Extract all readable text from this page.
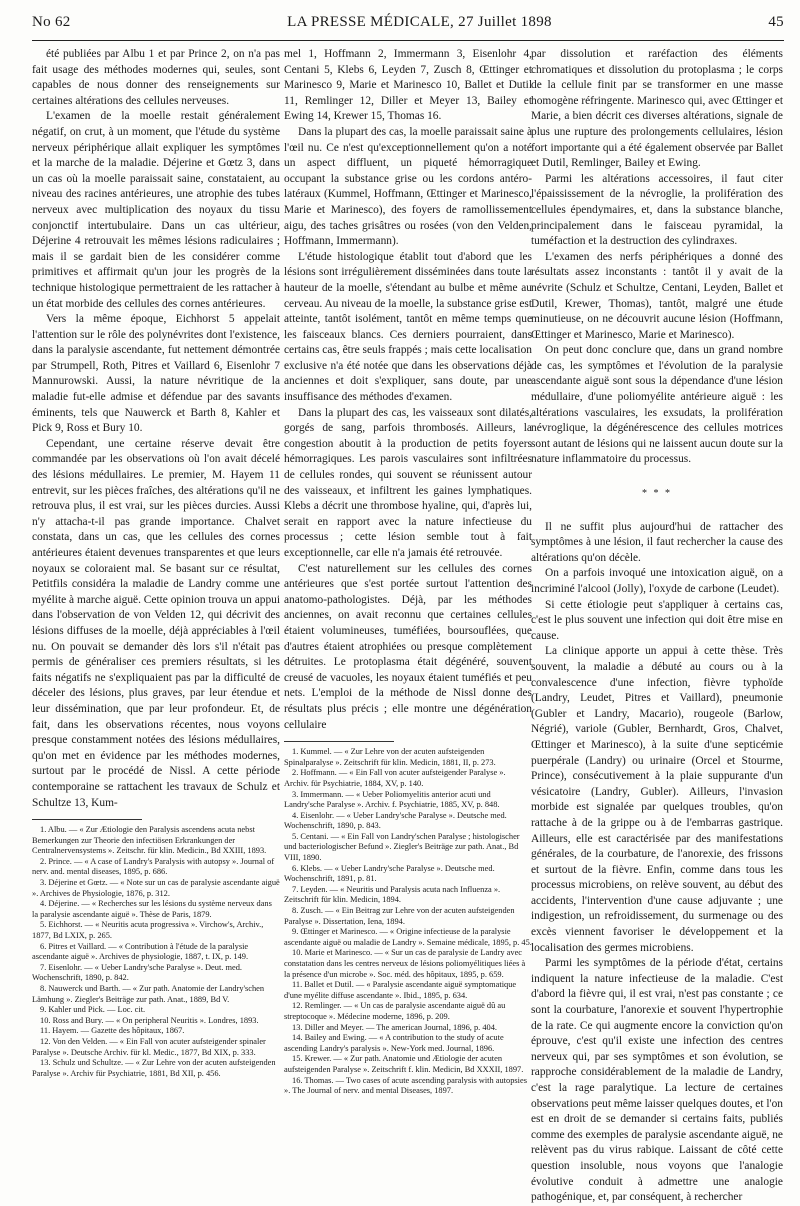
No 62	LA PRESSE MÉDICALE, 27 Juillet 1898	45

été publiées par Albu 1 et par Prince 2, on n'a pas fait usage des méthodes modernes qui, seules, sont capables de nous donner des renseignements sur certaines altérations des cellules nerveuses.

L'examen de la moelle restait généralement négatif, on crut, à un moment, que l'étude du système nerveux périphérique allait expliquer les symptômes et la marche de la maladie. Déjerine et Gœtz 3, dans un cas où la moelle paraissait saine, constataient, au niveau des racines antérieures, une atrophie des tubes nerveux avec multiplication des noyaux du tissu conjonctif intertubulaire. Dans un cas ultérieur, Déjerine 4 retrouvait les mêmes lésions radiculaires ; mais il se gardait bien de les considérer comme primitives et affirmait qu'un jour les progrès de la technique histologique permettraient de les rattacher à un état morbide des cellules des cornes antérieures.

Vers la même époque, Eichhorst 5 appelait l'attention sur le rôle des polynévrites dont l'existence, dans la paralysie ascendante, fut nettement démontrée par Strumpell, Roth, Pitres et Vaillard 6, Eisenlohr 7 Mannurowski. Aussi, la nature névritique de la maladie fut-elle admise et défendue par des savants éminents, tels que Nauwerck et Barth 8, Kahler et Pick 9, Ross et Bury 10.

Cependant, une certaine réserve devait être commandée par les observations où l'on avait décelé des lésions médullaires. Le premier, M. Hayem 11 entrevit, sur les pièces fraîches, des altérations qu'il ne retrouva plus, il est vrai, sur les pièces durcies. Aussi n'y attacha-t-il pas grande importance. Chalvet constata, dans un cas, que les cellules des cornes antérieures étaient devenues transparentes et que leurs noyaux se coloraient mal. Se basant sur ce résultat, Petitfils considéra la maladie de Landry comme une myélite à marche aiguë. Cette opinion trouva un appui dans l'observation de von Velden 12, qui décrivit des lésions diffuses de la moelle, déjà appréciables à l'œil nu. On pouvait se demander dès lors s'il n'était pas permis de généraliser ces premiers résultats, si les faits négatifs ne s'expliquaient pas par la difficulté de déceler des lésions, plus graves, par leur étendue et leur dissémination, que par leur profondeur. Et, de fait, dans les observations récentes, nous voyons presque constamment notées des lésions médullaires, qu'on met en évidence par les méthodes modernes, surtout par le procédé de Nissl. A cette période contemporaine se rattachent les travaux de Schulz et Schultze 13, Kum-

1. Albu. — « Zur Ætiologie den Paralysis ascendens acuta nebst Bemerkungen zur Theorie den infectiösen Erkrankungen der Centralnervensystems ». Zeitschr. für klin. Medicin., Bd XXIII, 1893.

2. Prince. — « A case of Landry's Paralysis with autopsy ». Journal of nerv. and. mental diseases, 1895, p. 686.

3. Déjerine et Gœtz. — « Note sur un cas de paralysie ascendante aiguë ». Archives de Physiologie, 1876, p. 312.

4. Déjerine. — « Recherches sur les lésions du système nerveux dans la paralysie ascendante aiguë ». Thèse de Paris, 1879.

5. Eichhorst. — « Neuritis acuta progressiva ». Virchow's, Archiv., 1877, Bd LXIX, p. 265.

6. Pitres et Vaillard. — « Contribution à l'étude de la paralysie ascendante aiguë ». Archives de physiologie, 1887, t. IX, p. 149.

7. Eisenlohr. — « Ueber Landry'sche Paralyse ». Deut. med. Wochenschrift, 1890, p. 842.

8. Nauwerck und Barth. — « Zur path. Anatomie der Landry'schen Lämhung ». Ziegler's Beiträge zur path. Anat., 1889, Bd V.

9. Kahler und Pick. — Loc. cit.

10. Ross and Bury. — « On peripheral Neuritis ». Londres, 1893.

11. Hayem. — Gazette des hôpitaux, 1867.

12. Von den Velden. — « Ein Fall von acuter aufsteigender spinaler Paralyse ». Deutsche Archiv. für kl. Medic., 1877, Bd XIX, p. 333.

13. Schulz und Schultze. — « Zur Lehre von der acuten aufsteigenden Paralyse ». Archiv für Psychiatrie, 1881, Bd XII, p. 456.

mel 1, Hoffmann 2, Immermann 3, Eisenlohr 4, Centani 5, Klebs 6, Leyden 7, Zusch 8, Œttinger et Marinesco 9, Marie et Marinesco 10, Ballet et Dutil 11, Remlinger 12, Diller et Meyer 13, Bailey et Ewing 14, Krewer 15, Thomas 16.

Dans la plupart des cas, la moelle paraissait saine à l'œil nu. Ce n'est qu'exceptionnellement qu'on a noté un aspect diffluent, un piqueté hémorragique occupant la substance grise ou les cordons antéro-latéraux (Kummel, Hoffmann, Œttinger et Marinesco, Marie et Marinesco), des foyers de ramollissement aigu, des taches grisâtres ou rosées (von den Velden, Hoffmann, Immermann).

L'étude histologique établit tout d'abord que les lésions sont irrégulièrement disséminées dans toute la hauteur de la moelle, s'étendant au bulbe et même au cerveau. Au niveau de la moelle, la substance grise est atteinte, tantôt isolément, tantôt en même temps que les faisceaux blancs. Ces derniers pourraient, dans certains cas, être seuls frappés ; mais cette localisation exclusive n'a été notée que dans les observations déjà anciennes et doit s'expliquer, sans doute, par une insuffisance des méthodes d'examen.

Dans la plupart des cas, les vaisseaux sont dilatés, gorgés de sang, parfois thrombosés. Ailleurs, la congestion aboutit à la production de petits foyers hémorragiques. Les parois vasculaires sont infiltrées de cellules rondes, qui souvent se réunissent autour des vaisseaux, et infiltrent les gaines lymphatiques. Klebs a décrit une thrombose hyaline, qui, d'après lui, serait en rapport avec la nature infectieuse du processus ; cette lésion semble tout à fait exceptionnelle, car elle n'a jamais été retrouvée.

C'est naturellement sur les cellules des cornes antérieures que s'est portée surtout l'attention des anatomo-pathologistes. Déjà, par les méthodes anciennes, on avait reconnu que certaines cellules étaient volumineuses, tuméfiées, boursouflées, que d'autres étaient atrophiées ou presque complètement détruites. Le protoplasma était dégénéré, souvent creusé de vacuoles, les noyaux étaient tuméfiés et peu nets. L'emploi de la méthode de Nissl donne des résultats plus précis ; elle montre une dégénération cellulaire

1. Kummel. — « Zur Lehre von der acuten aufsteigenden Spinalparalyse ». Zeitschrift für klin. Medicin, 1881, II, p. 273.

2. Hoffmann. — « Ein Fall von acuter aufsteigender Paralyse ». Archiv. für Psychiatrie, 1884, XV, p. 140.

3. Immermann. — « Ueber Poliomyelitis anterior acuti und Landry'sche Paralyse ». Archiv. f. Psychiatrie, 1885, XV, p. 848.

4. Eisenlohr. — « Ueber Landry'sche Paralyse ». Deutsche med. Wochenschrift, 1890, p. 843.

5. Centani. — « Ein Fall von Landry'schen Paralyse ; histologischer und bacteriologischer Befund ». Ziegler's Beiträge zur path. Anat., Bd VIII, 1890.

6. Klebs. — « Ueber Landry'sche Paralyse ». Deutsche med. Wochenschrift, 1891, p. 81.

7. Leyden. — « Neuritis und Paralysis acuta nach Influenza ». Zeitschrift für klin. Medicin, 1894.

8. Zusch. — « Ein Beitrag zur Lehre von der acuten aufsteigenden Paralyse ». Dissertation, Iena, 1894.

9. Œttinger et Marinesco. — « Origine infectieuse de la paralysie ascendante aiguë ou maladie de Landry ». Semaine médicale, 1895, p. 45.

10. Marie et Marinesco. — « Sur un cas de paralysie de Landry avec constatation dans les centres nerveux de lésions poliomyélitiques liées à la présence d'un microbe ». Soc. méd. des hôpitaux, 1895, p. 659.

11. Ballet et Dutil. — « Paralysie ascendante aiguë symptomatique d'une myélite diffuse ascendante ». Ibid., 1895, p. 634.

12. Remlinger. — « Un cas de paralysie ascendante aiguë dû au streptocoque ». Médecine moderne, 1896, p. 209.

13. Diller and Meyer. — The american Journal, 1896, p. 404.

14. Bailey and Ewing. — « A contribution to the study of acute ascending Landry's paralysis ». New-York med. Journal, 1896.

15. Krewer. — « Zur path. Anatomie und Ætiologie der acuten aufsteigenden Paralyse ». Zeitschrift f. klin. Medicin, Bd XXXII, 1897.

16. Thomas. — Two cases of acute ascending paralysis with autopsies ». The Journal of nerv. and mental Diseases, 1897.

par dissolution et raréfaction des éléments chromatiques et dissolution du protoplasma ; le corps de la cellule finit par se transformer en une masse homogène réfringente. Marinesco qui, avec Œttinger et Marie, a bien décrit ces diverses altérations, signale de plus une rupture des prolongements cellulaires, lésion fort importante qui a été également observée par Ballet et Dutil, Remlinger, Bailey et Ewing.

Parmi les altérations accessoires, il faut citer l'épaississement de la névroglie, la prolifération des cellules épendymaires, et, dans la substance blanche, principalement dans le faisceau pyramidal, la tuméfaction et la destruction des cylindraxes.

L'examen des nerfs périphériques a donné des résultats assez inconstants : tantôt il y avait de la névrite (Schulz et Schultze, Centani, Leyden, Ballet et Dutil, Krewer, Thomas), tantôt, malgré une étude minutieuse, on ne découvrit aucune lésion (Hoffmann, Œttinger et Marinesco, Marie et Marinesco).

On peut donc conclure que, dans un grand nombre de cas, les symptômes et l'évolution de la paralysie ascendante aiguë sont sous la dépendance d'une lésion médullaire, d'une poliomyélite antérieure aiguë : les altérations vasculaires, les exsudats, la prolifération névroglique, la dégénérescence des cellules motrices sont autant de lésions qui ne laissent aucun doute sur la nature inflammatoire du processus.

* * *

Il ne suffit plus aujourd'hui de rattacher des symptômes à une lésion, il faut rechercher la cause des altérations qu'on décèle.

On a parfois invoqué une intoxication aiguë, on a incriminé l'alcool (Jolly), l'oxyde de carbone (Leudet).

Si cette étiologie peut s'appliquer à certains cas, c'est le plus souvent une infection qui doit être mise en cause.

La clinique apporte un appui à cette thèse. Très souvent, la maladie a débuté au cours ou à la convalescence d'une infection, fièvre typhoïde (Landry, Leudet, Pitres et Vaillard), pneumonie (Gubler et Landry, Macario), rougeole (Barlow, Négrié), variole (Gubler, Bernhardt, Gros, Chalvet, Œttinger et Marinesco), à la suite d'une septicémie puerpérale (Landry) ou urinaire (Orcel et Stourme, Prince), consécutivement à la plaie suppurante d'un vésicatoire (Landry, Gubler). Ailleurs, l'invasion morbide est signalée par quelques troubles, qu'on rattache à de la grippe ou à de l'embarras gastrique. Ailleurs, elle est caractérisée par des manifestations générales, de la courbature, de l'anorexie, des frissons et surtout de la fièvre. Enfin, comme dans tous les processus microbiens, on relève souvent, au début des accidents, l'intervention d'une cause adjuvante ; une indigestion, un refroidissement, du surmenage ou des excès viennent favoriser le développement et la localisation des germes microbiens.

Parmi les symptômes de la période d'état, certains indiquent la nature infectieuse de la maladie. C'est d'abord la fièvre qui, il est vrai, n'est pas constante ; ce sont la courbature, l'anorexie et souvent l'hypertrophie de la rate. Ce qui augmente encore la conviction qu'on éprouve, c'est qu'il existe une infection des centres nerveux qui, par ses symptômes et son évolution, se rapproche considérablement de la maladie de Landry, c'est la rage paralytique. La lecture de certaines observations peut même laisser quelques doutes, et l'on est en droit de se demander si certains faits, publiés comme des exemples de paralysie ascendante aiguë, ne relèvent pas du virus rabique. Laissant de côté cette question insoluble, nous voyons que l'analogie évolutive conduit à admettre une analogie pathogénique, et, par conséquent, à rechercher
